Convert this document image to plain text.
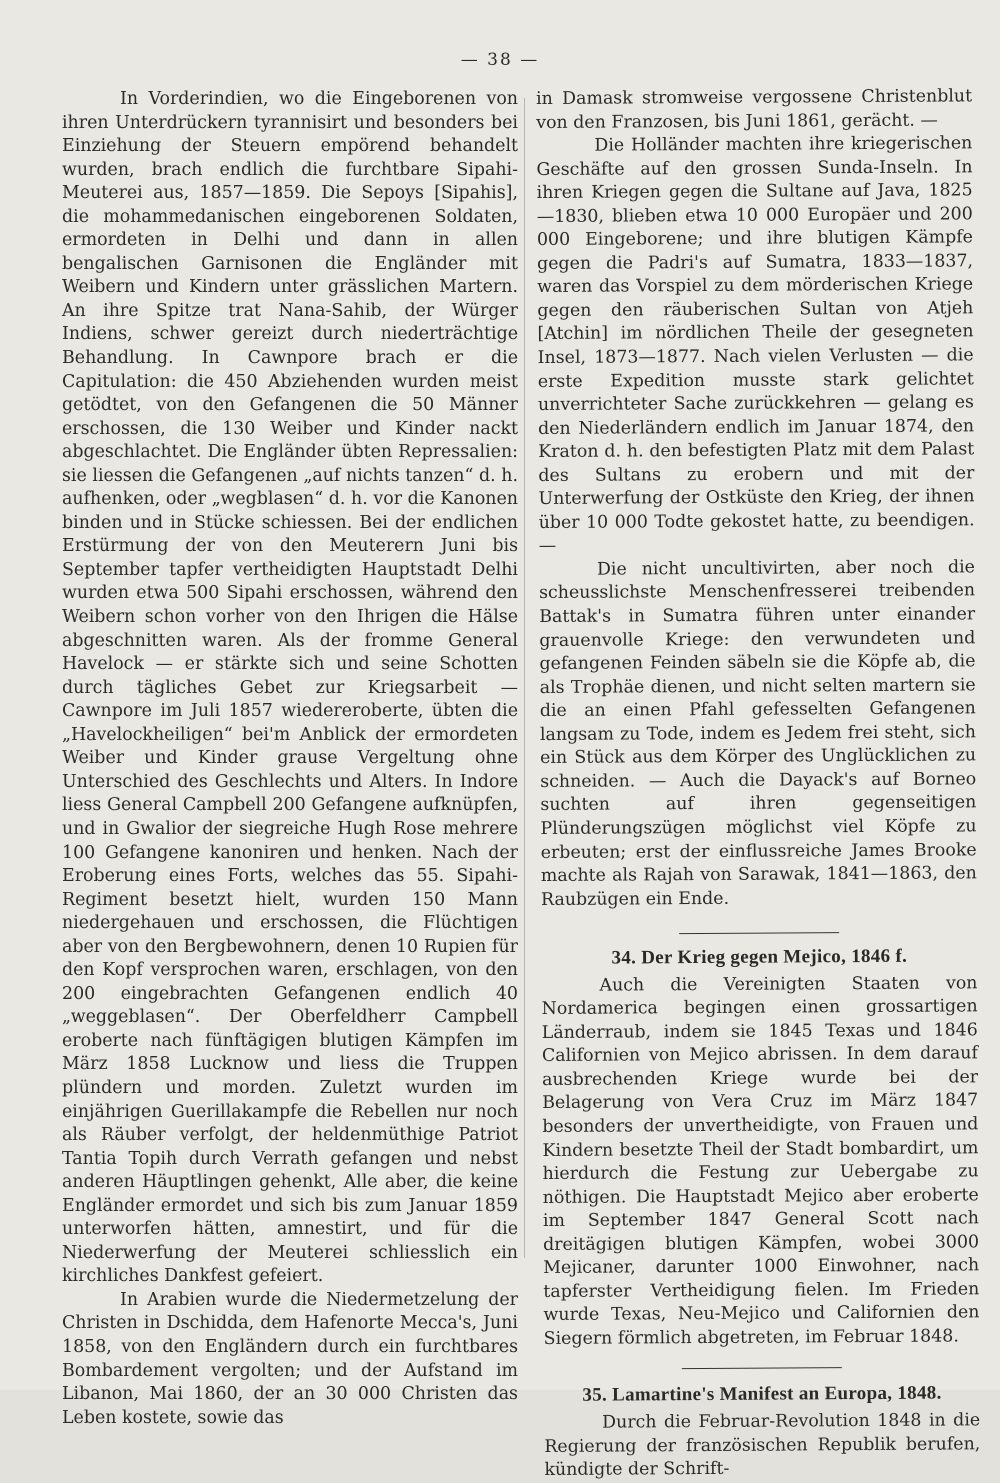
— 38 —

In Vorderindien, wo die Eingeborenen von ihren Unterdrückern tyrannisirt und besonders bei Einziehung der Steuern empörend behandelt wurden, brach endlich die furchtbare Sipahi-Meuterei aus, 1857—1859. Die Sepoys [Sipahis], die mohammedanischen eingeborenen Soldaten, ermordeten in Delhi und dann in allen bengalischen Garnisonen die Engländer mit Weibern und Kindern unter grässlichen Martern. An ihre Spitze trat Nana-Sahib, der Würger Indiens, schwer gereizt durch niederträchtige Behandlung. In Cawnpore brach er die Capitulation: die 450 Abziehenden wurden meist getödtet, von den Gefangenen die 50 Männer erschossen, die 130 Weiber und Kinder nackt abgeschlachtet. Die Engländer übten Repressalien: sie liessen die Gefangenen „auf nichts tanzen“ d. h. aufhenken, oder „wegblasen“ d. h. vor die Kanonen binden und in Stücke schiessen. Bei der endlichen Erstürmung der von den Meuterern Juni bis September tapfer vertheidigten Hauptstadt Delhi wurden etwa 500 Sipahi erschossen, während den Weibern schon vorher von den Ihrigen die Hälse abgeschnitten waren. Als der fromme General Havelock — er stärkte sich und seine Schotten durch tägliches Gebet zur Kriegsarbeit — Cawnpore im Juli 1857 wiedereroberte, übten die „Havelockheiligen“ bei'm Anblick der ermordeten Weiber und Kinder grause Vergeltung ohne Unterschied des Geschlechts und Alters. In Indore liess General Campbell 200 Gefangene aufknüpfen, und in Gwalior der siegreiche Hugh Rose mehrere 100 Gefangene kanoniren und henken. Nach der Eroberung eines Forts, welches das 55. Sipahi-Regiment besetzt hielt, wurden 150 Mann niedergehauen und erschossen, die Flüchtigen aber von den Bergbewohnern, denen 10 Rupien für den Kopf versprochen waren, erschlagen, von den 200 eingebrachten Gefangenen endlich 40 „weggeblasen“. Der Oberfeldherr Campbell eroberte nach fünftägigen blutigen Kämpfen im März 1858 Lucknow und liess die Truppen plündern und morden. Zuletzt wurden im einjährigen Guerillakampfe die Rebellen nur noch als Räuber verfolgt, der heldenmüthige Patriot Tantia Topih durch Verrath gefangen und nebst anderen Häuptlingen gehenkt, Alle aber, die keine Engländer ermordet und sich bis zum Januar 1859 unterworfen hätten, amnestirt, und für die Niederwerfung der Meuterei schliesslich ein kirchliches Dankfest gefeiert.

In Arabien wurde die Niedermetzelung der Christen in Dschidda, dem Hafenorte Mecca's, Juni 1858, von den Engländern durch ein furchtbares Bombardement vergolten; und der Aufstand im Libanon, Mai 1860, der an 30 000 Christen das Leben kostete, sowie das

in Damask stromweise vergossene Christenblut von den Franzosen, bis Juni 1861, gerächt. —

Die Holländer machten ihre kriegerischen Geschäfte auf den grossen Sunda-Inseln. In ihren Kriegen gegen die Sultane auf Java, 1825—1830, blieben etwa 10 000 Europäer und 200 000 Eingeborene; und ihre blutigen Kämpfe gegen die Padri's auf Sumatra, 1833—1837, waren das Vorspiel zu dem mörderischen Kriege gegen den räuberischen Sultan von Atjeh [Atchin] im nördlichen Theile der gesegneten Insel, 1873—1877. Nach vielen Verlusten — die erste Expedition musste stark gelichtet unverrichteter Sache zurückkehren — gelang es den Niederländern endlich im Januar 1874, den Kraton d. h. den befestigten Platz mit dem Palast des Sultans zu erobern und mit der Unterwerfung der Ostküste den Krieg, der ihnen über 10 000 Todte gekostet hatte, zu beendigen. —

Die nicht uncultivirten, aber noch die scheusslichste Menschenfresserei treibenden Battak's in Sumatra führen unter einander grauenvolle Kriege: den verwundeten und gefangenen Feinden säbeln sie die Köpfe ab, die als Trophäe dienen, und nicht selten martern sie die an einen Pfahl gefesselten Gefangenen langsam zu Tode, indem es Jedem frei steht, sich ein Stück aus dem Körper des Unglücklichen zu schneiden. — Auch die Dayack's auf Borneo suchten auf ihren gegenseitigen Plünderungszügen möglichst viel Köpfe zu erbeuten; erst der einflussreiche James Brooke machte als Rajah von Sarawak, 1841—1863, den Raubzügen ein Ende.

34. Der Krieg gegen Mejico, 1846 f.

Auch die Vereinigten Staaten von Nordamerica begingen einen grossartigen Länderraub, indem sie 1845 Texas und 1846 Californien von Mejico abrissen. In dem darauf ausbrechenden Kriege wurde bei der Belagerung von Vera Cruz im März 1847 besonders der unvertheidigte, von Frauen und Kindern besetzte Theil der Stadt bombardirt, um hierdurch die Festung zur Uebergabe zu nöthigen. Die Hauptstadt Mejico aber eroberte im September 1847 General Scott nach dreitägigen blutigen Kämpfen, wobei 3000 Mejicaner, darunter 1000 Einwohner, nach tapferster Vertheidigung fielen. Im Frieden wurde Texas, Neu-Mejico und Californien den Siegern förmlich abgetreten, im Februar 1848.

35. Lamartine's Manifest an Europa, 1848.

Durch die Februar-Revolution 1848 in die Regierung der französischen Republik berufen, kündigte der Schrift-
